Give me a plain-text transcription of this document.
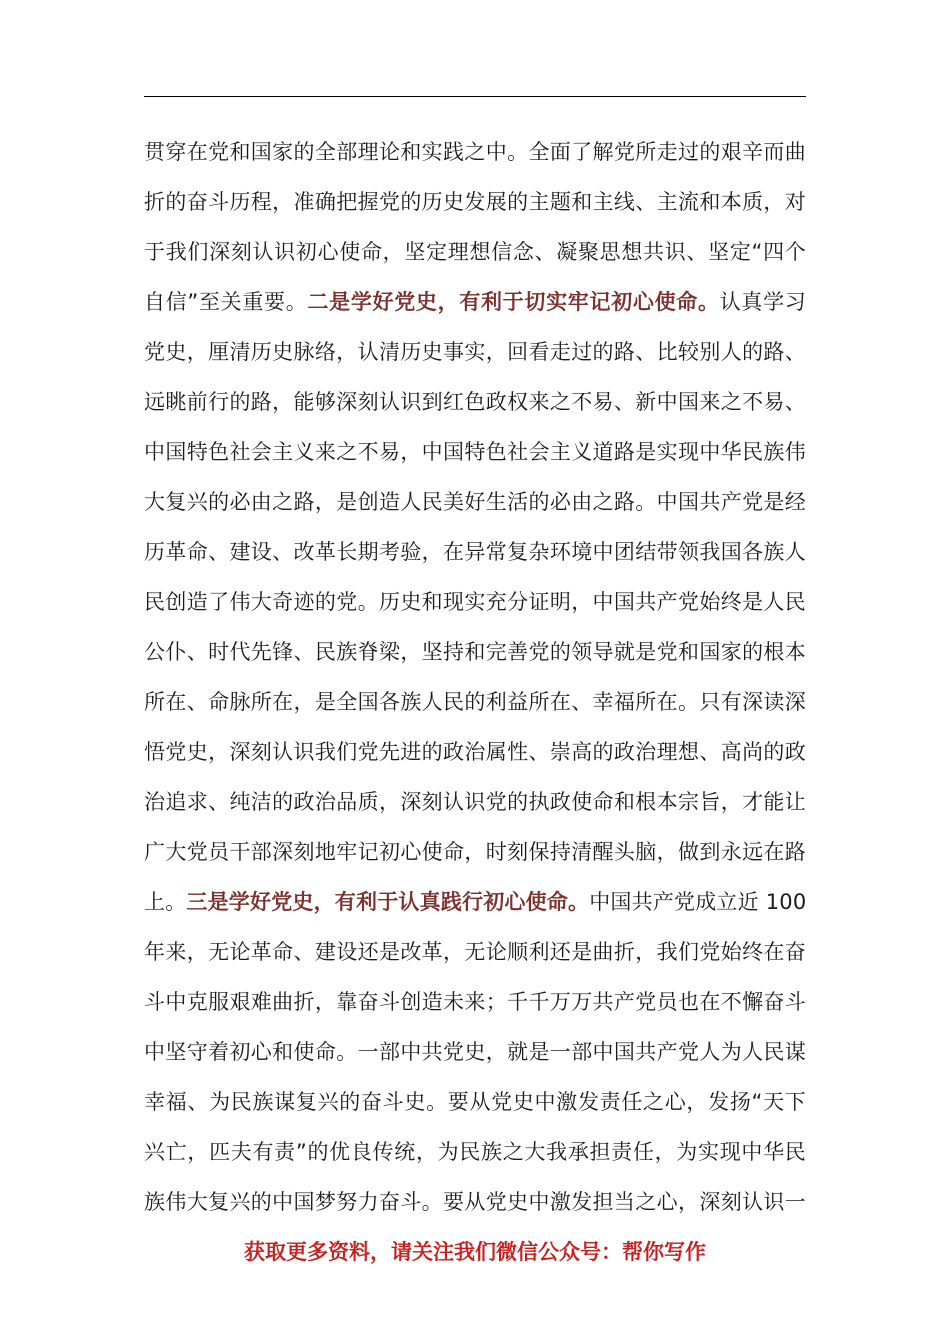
贯穿在党和国家的全部理论和实践之中。全面了解党所走过的艰辛而曲
折的奋斗历程，准确把握党的历史发展的主题和主线、主流和本质，对
于我们深刻认识初心使命，坚定理想信念、凝聚思想共识、坚定“四个
自信”至关重要。二是学好党史，有利于切实牢记初心使命。认真学习
党史，厘清历史脉络，认清历史事实，回看走过的路、比较别人的路、
远眺前行的路，能够深刻认识到红色政权来之不易、新中国来之不易、
中国特色社会主义来之不易，中国特色社会主义道路是实现中华民族伟
大复兴的必由之路，是创造人民美好生活的必由之路。中国共产党是经
历革命、建设、改革长期考验，在异常复杂环境中团结带领我国各族人
民创造了伟大奇迹的党。历史和现实充分证明，中国共产党始终是人民
公仆、时代先锋、民族脊梁，坚持和完善党的领导就是党和国家的根本
所在、命脉所在，是全国各族人民的利益所在、幸福所在。只有深读深
悟党史，深刻认识我们党先进的政治属性、崇高的政治理想、高尚的政
治追求、纯洁的政治品质，深刻认识党的执政使命和根本宗旨，才能让
广大党员干部深刻地牢记初心使命，时刻保持清醒头脑，做到永远在路
上。三是学好党史，有利于认真践行初心使命。中国共产党成立近 100
年来，无论革命、建设还是改革，无论顺利还是曲折，我们党始终在奋
斗中克服艰难曲折，靠奋斗创造未来；千千万万共产党员也在不懈奋斗
中坚守着初心和使命。一部中共党史，就是一部中国共产党人为人民谋
幸福、为民族谋复兴的奋斗史。要从党史中激发责任之心，发扬“天下
兴亡，匹夫有责”的优良传统，为民族之大我承担责任，为实现中华民
族伟大复兴的中国梦努力奋斗。要从党史中激发担当之心，深刻认识一
获取更多资料，请关注我们微信公众号：帮你写作
